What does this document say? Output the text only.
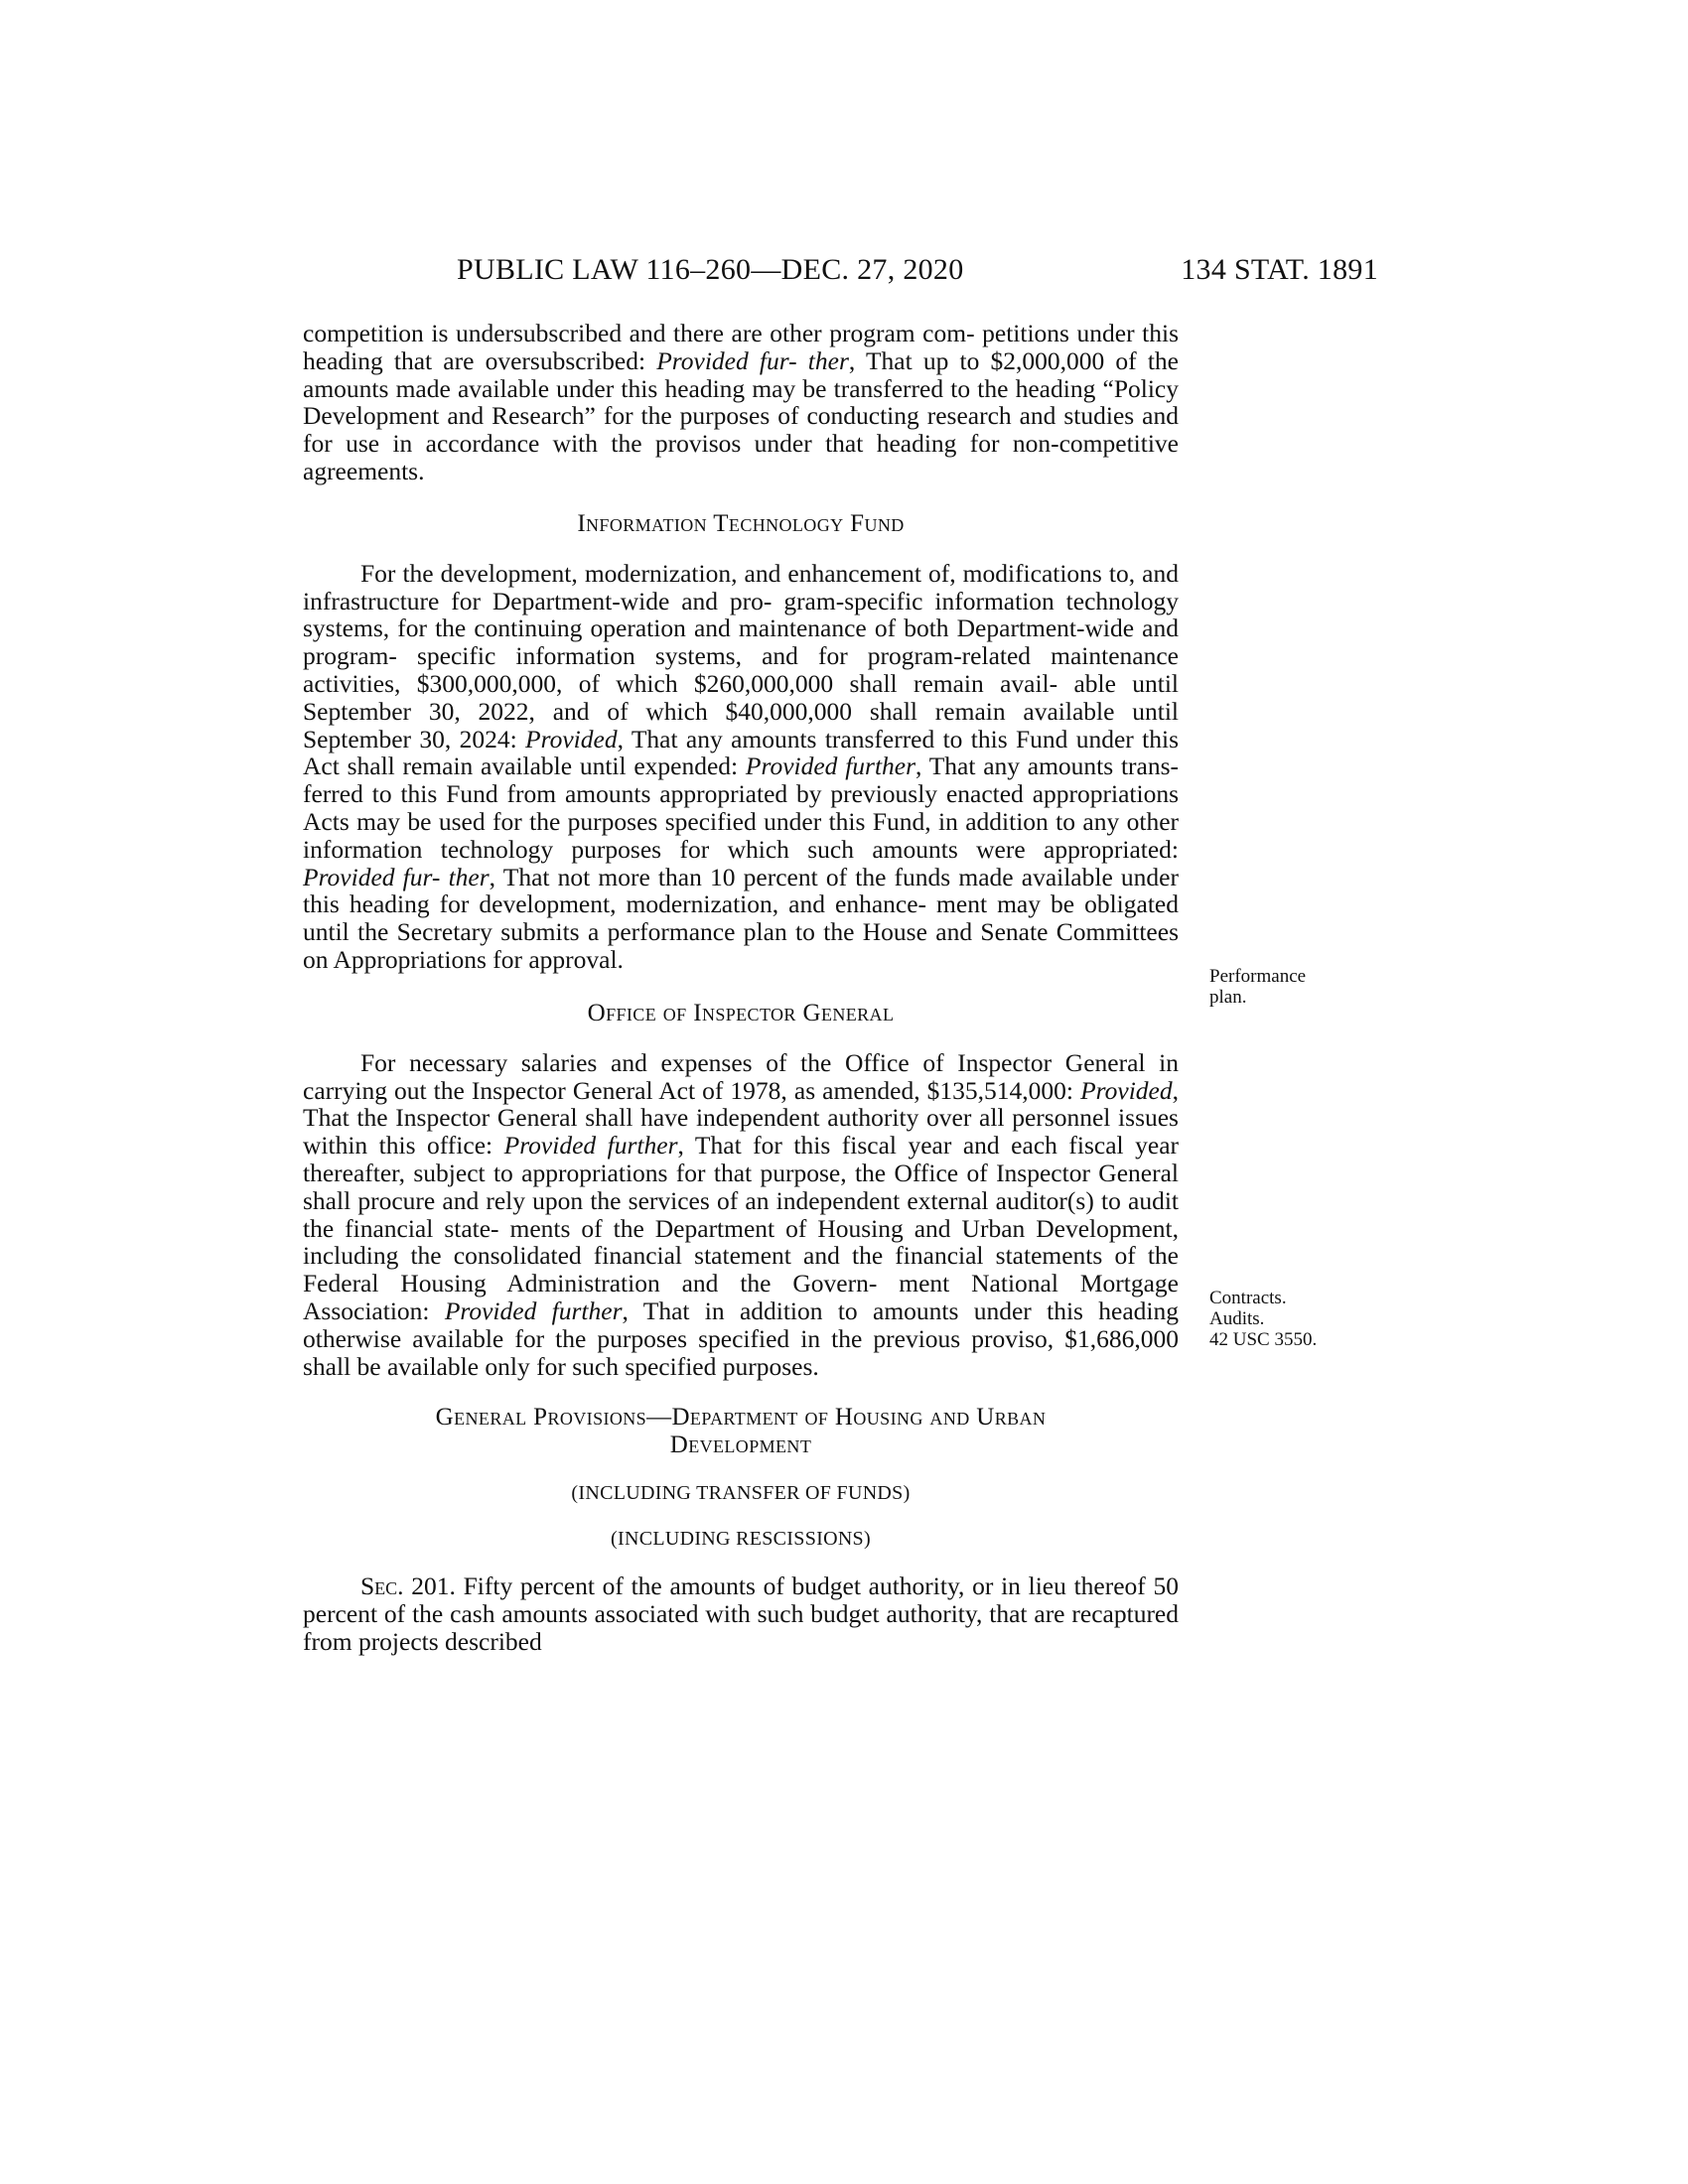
PUBLIC LAW 116–260—DEC. 27, 2020	134 STAT. 1891

competition is undersubscribed and there are other program com- petitions under this heading that are oversubscribed: Provided fur- ther, That up to $2,000,000 of the amounts made available under this heading may be transferred to the heading “Policy Development and Research” for the purposes of conducting research and studies and for use in accordance with the provisos under that heading for non-competitive agreements.

Information Technology Fund

For the development, modernization, and enhancement of, modifications to, and infrastructure for Department-wide and pro- gram-specific information technology systems, for the continuing operation and maintenance of both Department-wide and program- specific information systems, and for program-related maintenance activities, $300,000,000, of which $260,000,000 shall remain avail- able until September 30, 2022, and of which $40,000,000 shall remain available until September 30, 2024: Provided, That any amounts transferred to this Fund under this Act shall remain available until expended: Provided further, That any amounts trans- ferred to this Fund from amounts appropriated by previously enacted appropriations Acts may be used for the purposes specified under this Fund, in addition to any other information technology purposes for which such amounts were appropriated: Provided fur- ther, That not more than 10 percent of the funds made available under this heading for development, modernization, and enhance- ment may be obligated until the Secretary submits a performance plan to the House and Senate Committees on Appropriations for approval.

Office of Inspector General

For necessary salaries and expenses of the Office of Inspector General in carrying out the Inspector General Act of 1978, as amended, $135,514,000: Provided, That the Inspector General shall have independent authority over all personnel issues within this office: Provided further, That for this fiscal year and each fiscal year thereafter, subject to appropriations for that purpose, the Office of Inspector General shall procure and rely upon the services of an independent external auditor(s) to audit the financial state- ments of the Department of Housing and Urban Development, including the consolidated financial statement and the financial statements of the Federal Housing Administration and the Govern- ment National Mortgage Association: Provided further, That in addition to amounts under this heading otherwise available for the purposes specified in the previous proviso, $1,686,000 shall be available only for such specified purposes.

General Provisions—Department of Housing and Urban
Development

(INCLUDING TRANSFER OF FUNDS)

(INCLUDING RESCISSIONS)

Sec. 201. Fifty percent of the amounts of budget authority, or in lieu thereof 50 percent of the cash amounts associated with such budget authority, that are recaptured from projects described

Performance
plan.
Contracts.
Audits.
42 USC 3550.
